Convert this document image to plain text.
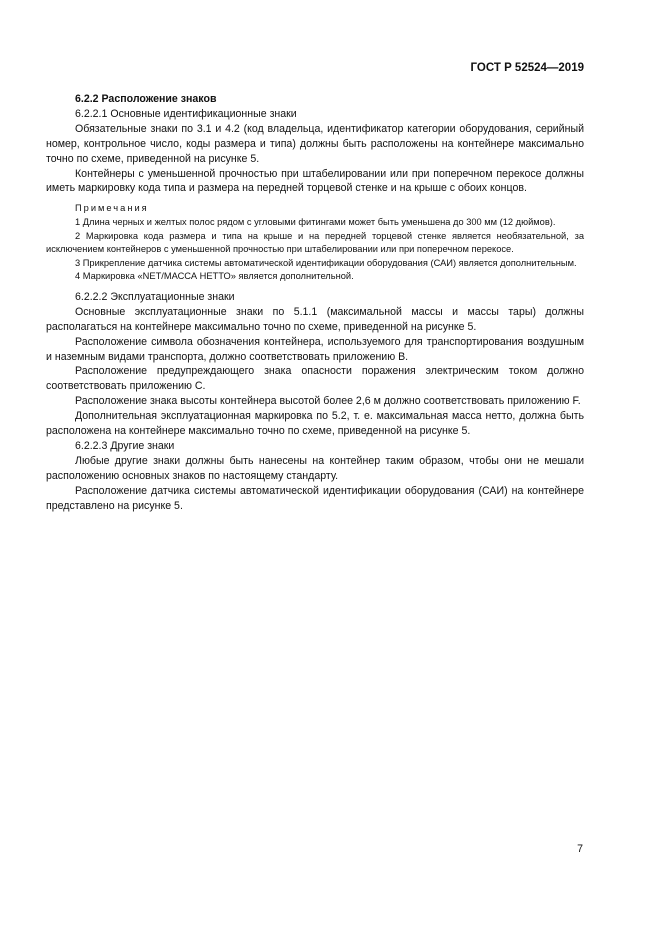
ГОСТ Р 52524—2019

6.2.2 Расположение знаков

6.2.2.1 Основные идентификационные знаки

Обязательные знаки по 3.1 и 4.2 (код владельца, идентификатор категории оборудования, серийный номер, контрольное число, коды размера и типа) должны быть расположены на контейнере максимально точно по схеме, приведенной на рисунке 5.

Контейнеры с уменьшенной прочностью при штабелировании или при поперечном перекосе должны иметь маркировку кода типа и размера на передней торцевой стенке и на крыше с обоих концов.

Примечания

1 Длина черных и желтых полос рядом с угловыми фитингами может быть уменьшена до 300 мм (12 дюймов).

2 Маркировка кода размера и типа на крыше и на передней торцевой стенке является необязательной, за исключением контейнеров с уменьшенной прочностью при штабелировании или при поперечном перекосе.

3 Прикрепление датчика системы автоматической идентификации оборудования (САИ) является дополнительным.

4 Маркировка «NET/МАССА НЕТТО» является дополнительной.

6.2.2.2 Эксплуатационные знаки

Основные эксплуатационные знаки по 5.1.1 (максимальной массы и массы тары) должны располагаться на контейнере максимально точно по схеме, приведенной на рисунке 5.

Расположение символа обозначения контейнера, используемого для транспортирования воздушным и наземным видами транспорта, должно соответствовать приложению В.

Расположение предупреждающего знака опасности поражения электрическим током должно соответствовать приложению С.

Расположение знака высоты контейнера высотой более 2,6 м должно соответствовать приложению F.

Дополнительная эксплуатационная маркировка по 5.2, т. е. максимальная масса нетто, должна быть расположена на контейнере максимально точно по схеме, приведенной на рисунке 5.

6.2.2.3 Другие знаки

Любые другие знаки должны быть нанесены на контейнер таким образом, чтобы они не мешали расположению основных знаков по настоящему стандарту.

Расположение датчика системы автоматической идентификации оборудования (САИ) на контейнере представлено на рисунке 5.

7
